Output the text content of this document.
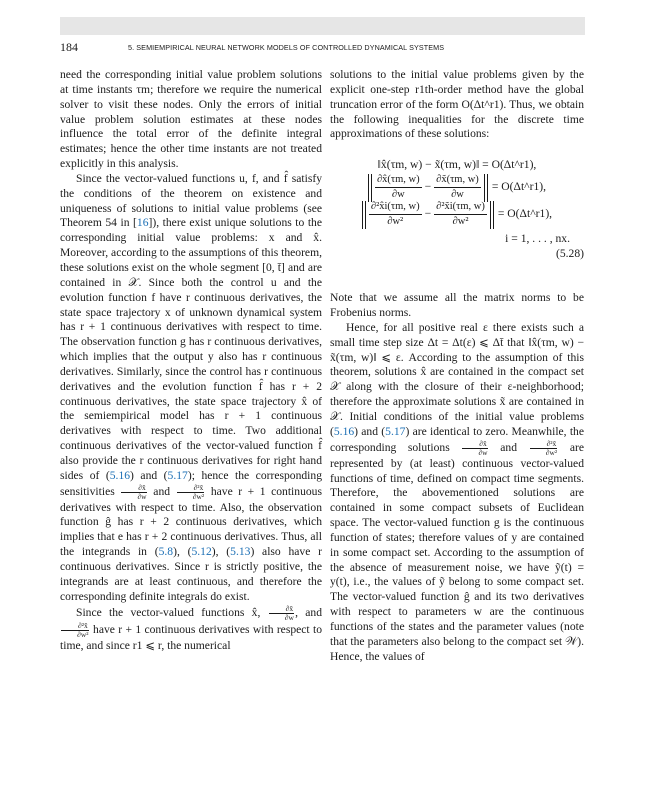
184	5. SEMIEMPIRICAL NEURAL NETWORK MODELS OF CONTROLLED DYNAMICAL SYSTEMS

need the corresponding initial value problem solutions at time instants τm; therefore we require the numerical solver to visit these nodes. Only the errors of initial value problem solution estimates at these nodes influence the total error of the definite integral estimates; hence the other time instants are not treated explicitly in this analysis.

Since the vector-valued functions u, f, and f̂ satisfy the conditions of the theorem on existence and uniqueness of solutions to initial value problems (see Theorem 54 in [16]), there exist unique solutions to the corresponding initial value problems: x and x̂. Moreover, according to the assumptions of this theorem, these solutions exist on the whole segment [0, t̄] and are contained in 𝒳. Since both the control u and the evolution function f have r continuous derivatives, the state space trajectory x of unknown dynamical system has r + 1 continuous derivatives with respect to time. The observation function g has r continuous derivatives, which implies that the output y also has r continuous derivatives. Similarly, since the control has r continuous derivatives and the evolution function f̂ has r + 2 continuous derivatives, the state space trajectory x̂ of the semiempirical model has r + 1 continuous derivatives with respect to time. Two additional continuous derivatives of the vector-valued function f̂ also provide the r continuous derivatives for right hand sides of (5.16) and (5.17); hence the corresponding sensitivities $\frac{\partial x̂}{\partial w}$ and $\frac{\text{∂²x̂}}{\text{∂w²}}$ have r + 1 continuous derivatives with respect to time. Also, the observation function ĝ has r + 2 continuous derivatives, which implies that e has r + 2 continuous derivatives. Thus, all the integrands in (5.8), (5.12), (5.13) also have r continuous derivatives. Since r is strictly positive, the integrands are at least continuous, and therefore the corresponding definite integrals do exist.

Since the vector-valued functions x̂, $\frac{\partial x̂}{\partial w}$ , and
$\frac{\text{∂²x̂}}{\text{∂w²}}$ have r + 1 continuous derivatives with respect to time, and since r1 ⩽ r, the numerical

solutions to the initial value problems given by the explicit one-step r1th-order method have the global truncation error of the form O(Δt^r1). Thus, we obtain the following inequalities for the discrete time approximations of these solutions:

‖x̂(τm, w) − x̃(τm, w)‖ = O(Δt^r1),
$\frac{\partial x̂(\tau m, w)}{\partial w} - \frac{\partial x̃(\tau m, w)}{\partial w}$ = O(Δt^r1),
$\frac{\text{∂²x̂i(τm, w)}}{\text{∂w²}} - \frac{\text{∂²x̃i(τm, w)}}{\text{∂w²}}$ = O(Δt^r1),
i = 1, . . . , nx.
(5.28)

Note that we assume all the matrix norms to be Frobenius norms.

Hence, for all positive real ε there exists such a small time step size Δt = Δt(ε) ⩽ Δt̄ that ‖x̂(τm, w) − x̃(τm, w)‖ ⩽ ε. According to the assumption of this theorem, solutions x̂ are contained in the compact set 𝒳 along with the closure of their ε-neighborhood; therefore the approximate solutions x̃ are contained in 𝒳. Initial conditions of the initial value problems (5.16) and (5.17) are identical to zero. Meanwhile, the corresponding solutions $\frac{\partial x̂}{\partial w}$ and $\frac{\text{∂²x̂}}{\text{∂w²}}$ are represented by (at least) continuous vector-valued functions of time, defined on compact time segments. Therefore, the abovementioned solutions are contained in some compact subsets of Euclidean space. The vector-valued function g is the continuous function of states; therefore values of y are contained in some compact set. According to the assumption of the absence of measurement noise, we have ỹ(t) = y(t), i.e., the values of ỹ belong to some compact set. The vector-valued function ĝ and its two derivatives with respect to parameters w are the continuous functions of the states and the parameter values (note that the parameters also belong to the compact set 𝒲). Hence, the values of
